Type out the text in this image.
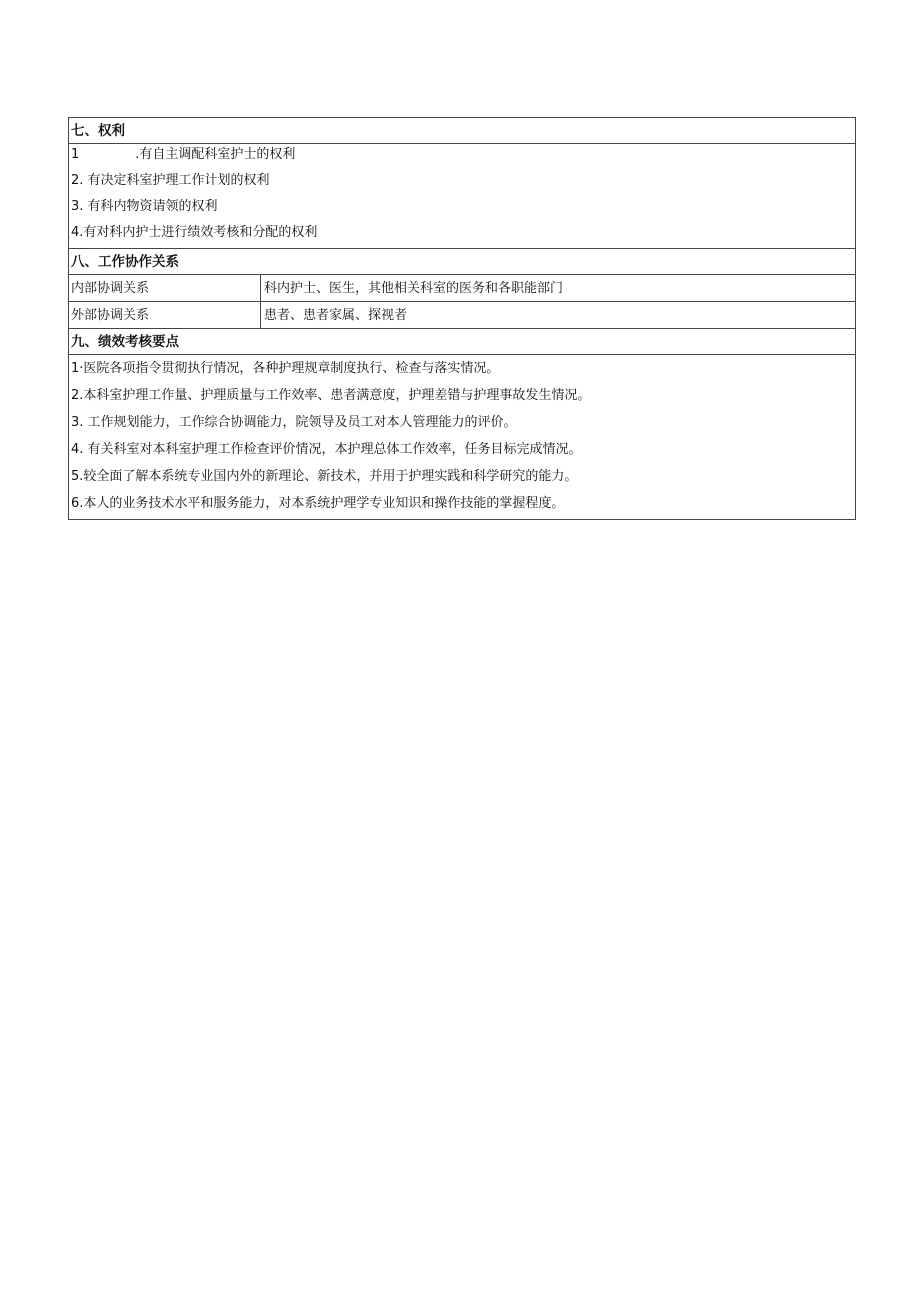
七、权利
1	.有自主调配科室护士的权利
2. 有决定科室护理工作计划的权利
3. 有科内物资请领的权利
4.有对科内护士进行绩效考核和分配的权利
八、工作协作关系
内部协调关系	科内护士、医生，其他相关科室的医务和各职能部门
外部协调关系	患者、患者家属、探视者
九、绩效考核要点
1·医院各项指令贯彻执行情况，各种护理规章制度执行、检查与落实情况。
2.本科室护理工作量、护理质量与工作效率、患者满意度，护理差错与护理事故发生情况。
3. 工作规划能力，工作综合协调能力，院领导及员工对本人管理能力的评价。
4. 有关科室对本科室护理工作检查评价情况，本护理总体工作效率，任务目标完成情况。
5.较全面了解本系统专业国内外的新理论、新技术，并用于护理实践和科学研究的能力。
6.本人的业务技术水平和服务能力，对本系统护理学专业知识和操作技能的掌握程度。
